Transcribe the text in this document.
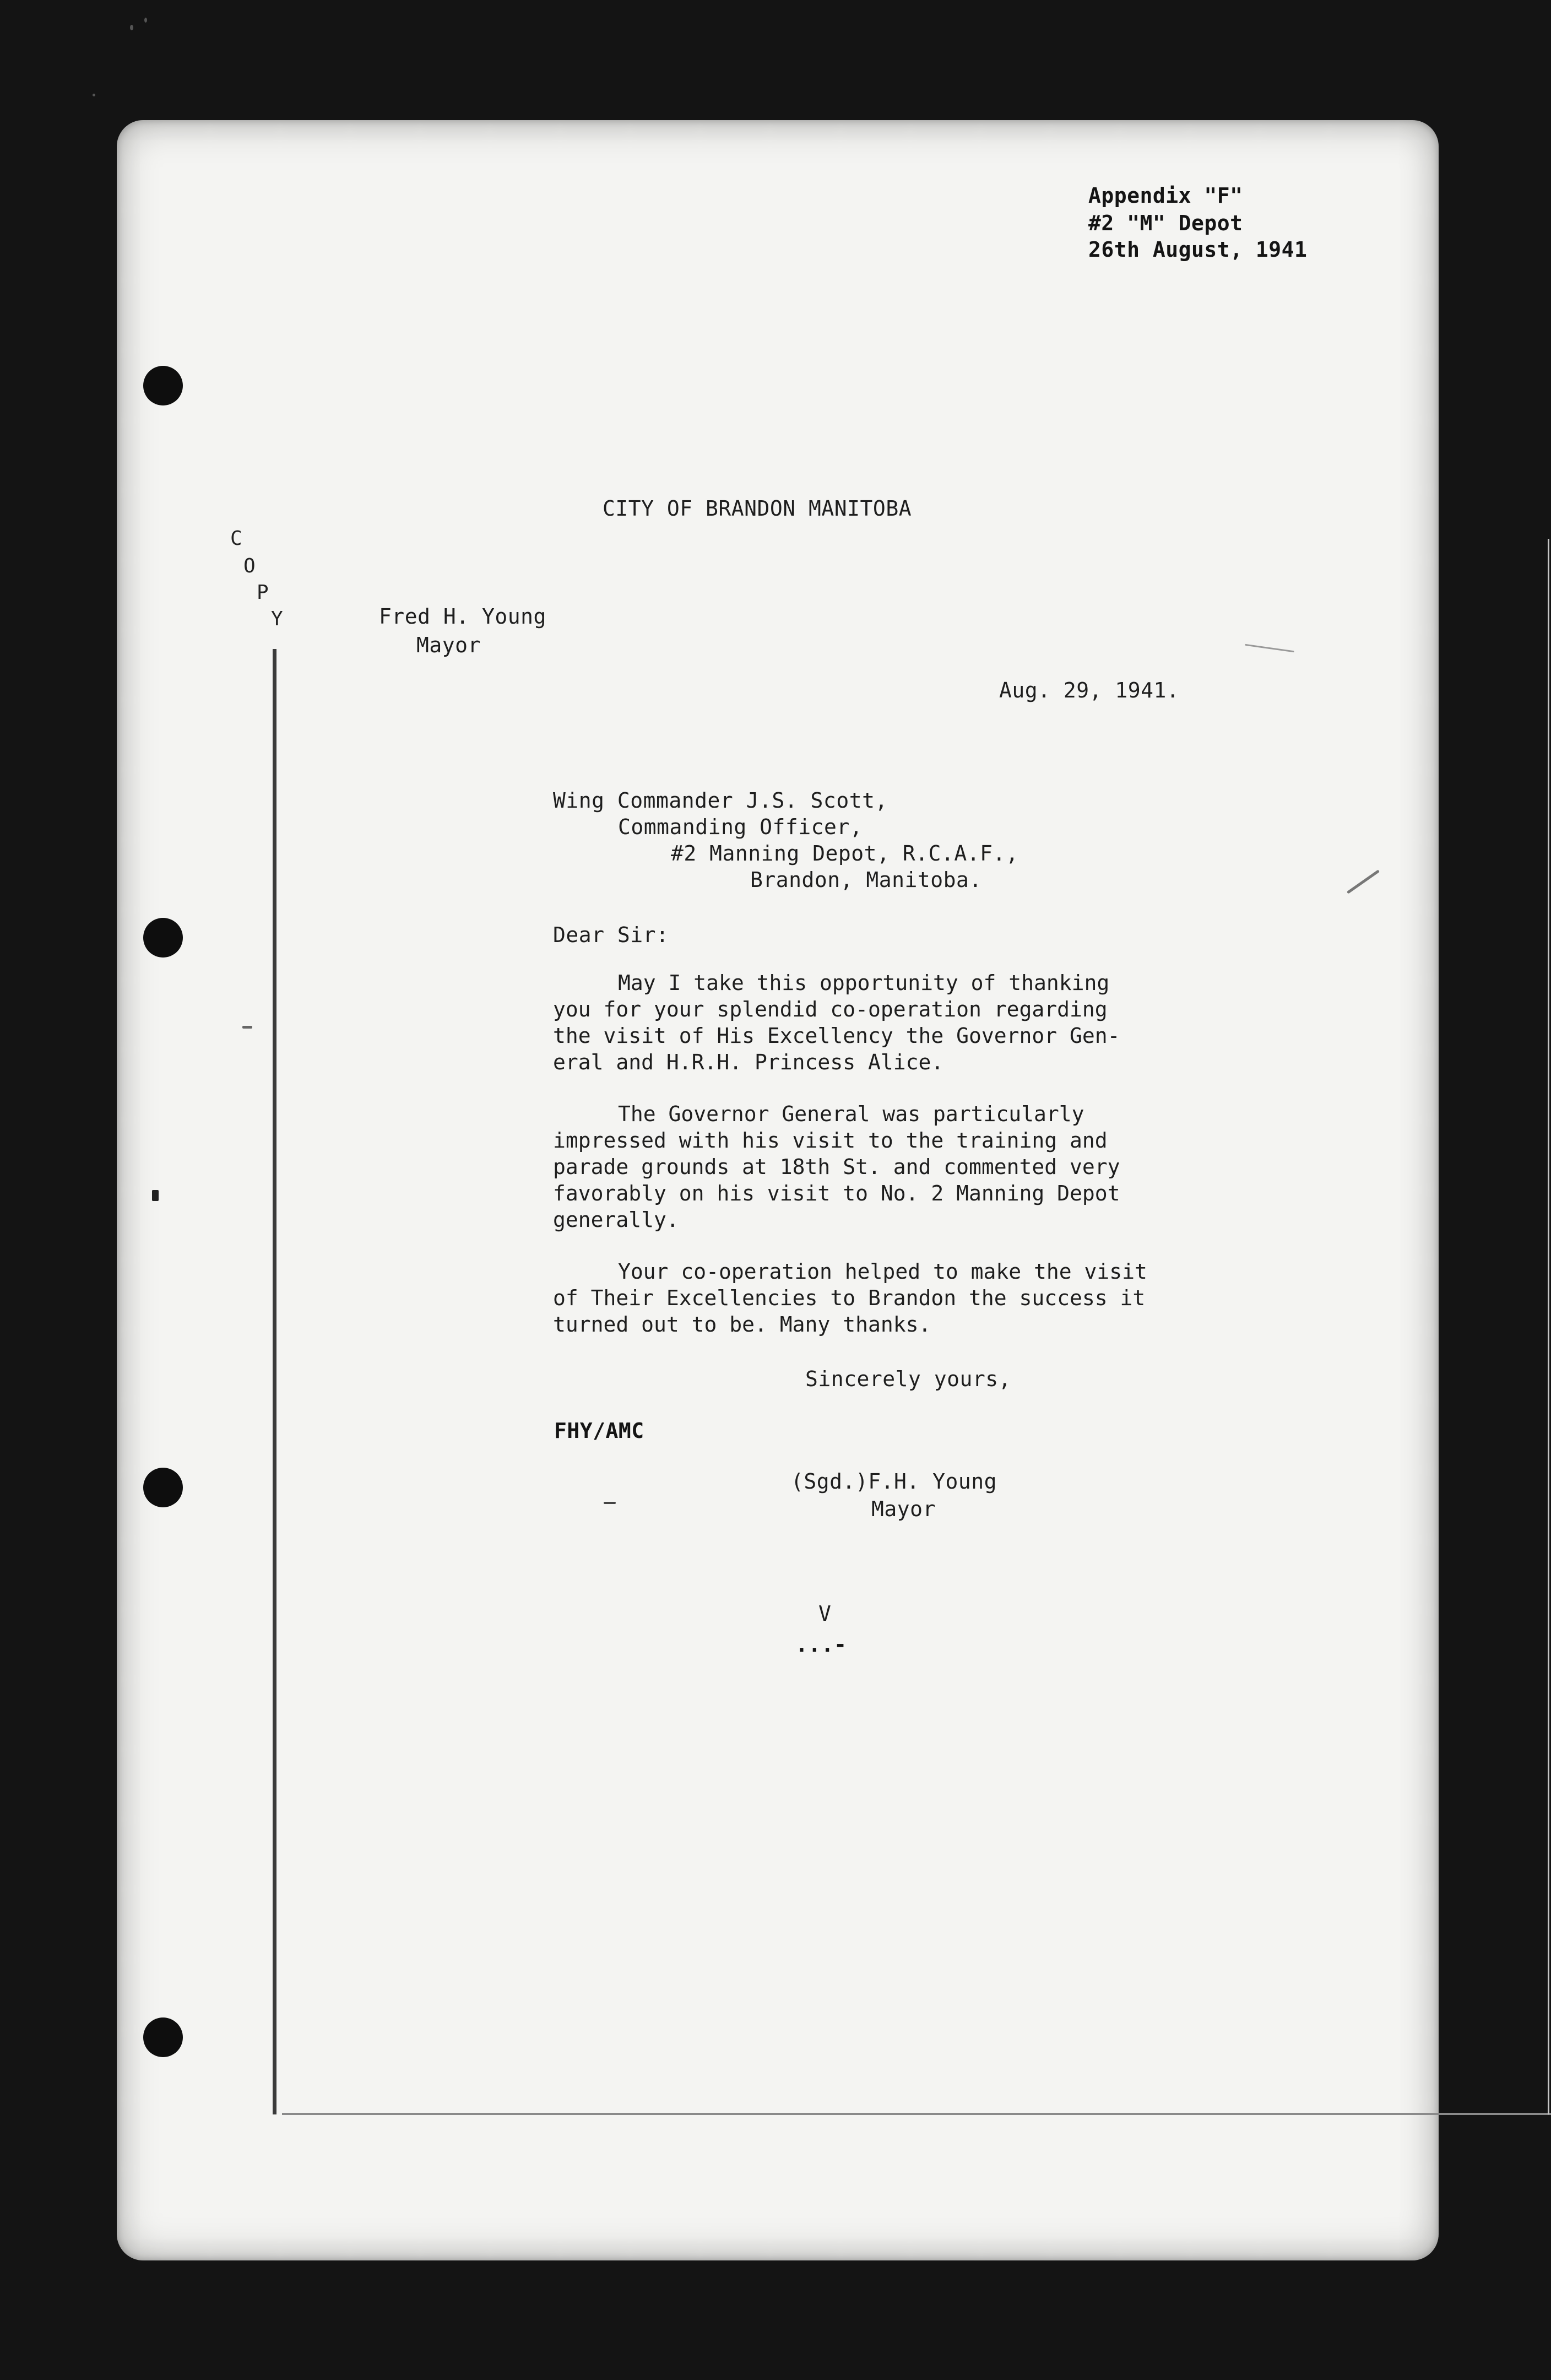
Appendix "F"
#2 "M" Depot
26th August, 1941
CITY OF BRANDON MANITOBA
C
O
P
Y	Fred H. Young
Mayor
Aug. 29, 1941.
Wing Commander J.S. Scott,
Commanding Officer,
#2 Manning Depot, R.C.A.F.,
Brandon, Manitoba.
Dear Sir:
May I take this opportunity of thanking
you for your splendid co-operation regarding
the visit of His Excellency the Governor Gen-
eral and H.R.H. Princess Alice.
The Governor General was particularly
impressed with his visit to the training and
parade grounds at 18th St. and commented very
favorably on his visit to No. 2 Manning Depot
generally.
Your co-operation helped to make the visit
of Their Excellencies to Brandon the success it
turned out to be. Many thanks.
Sincerely yours,
FHY/AMC
(Sgd.)F.H. Young
Mayor
V
...-
